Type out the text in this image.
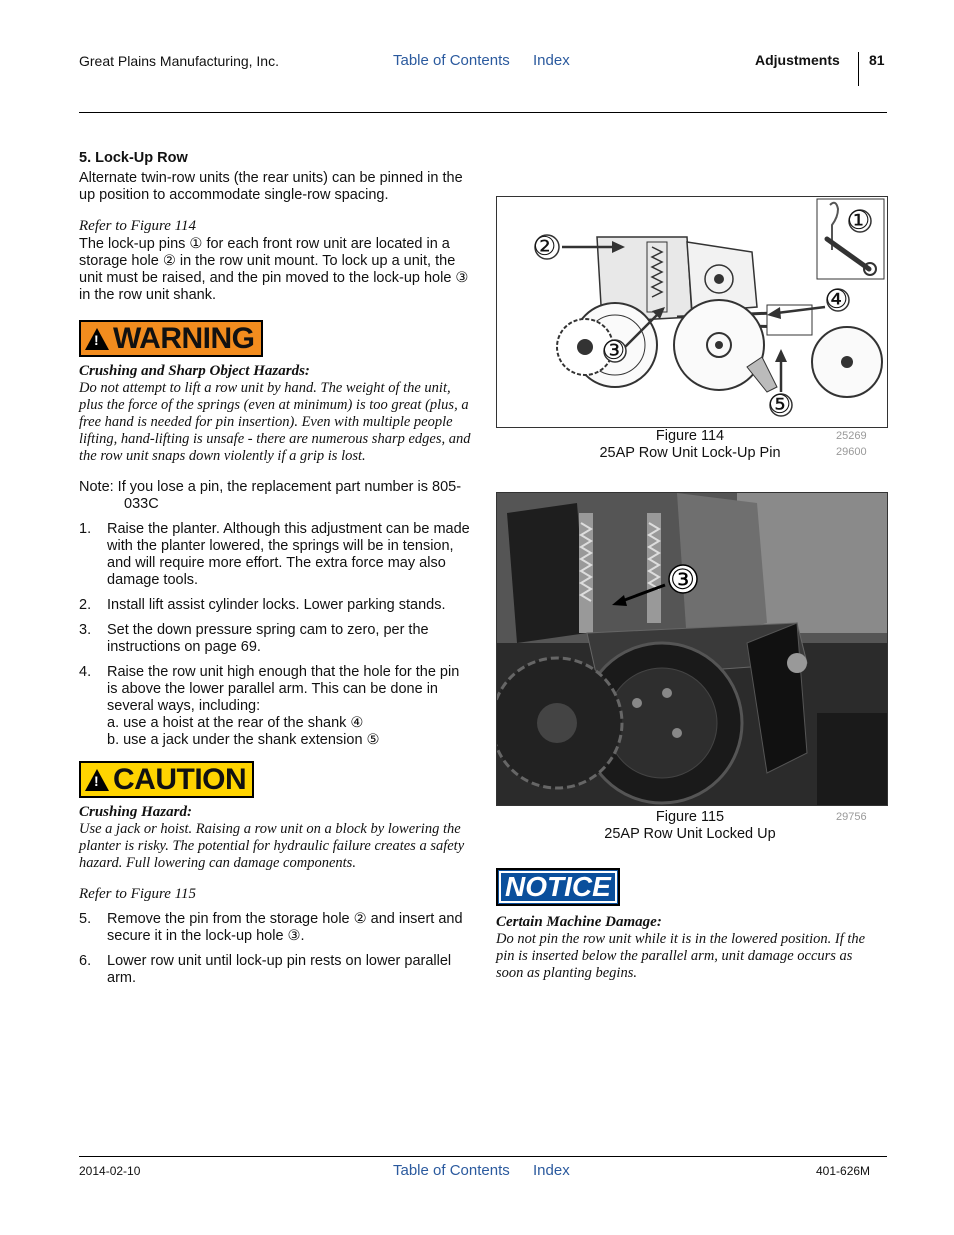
Great Plains Manufacturing, Inc.	Table of Contents Index	Adjustments 81

5. Lock-Up Row

Alternate twin-row units (the rear units) can be pinned in the up position to accommodate single-row spacing.

Refer to Figure 114

The lock-up pins ① for each front row unit are located in a storage hole ② in the row unit mount. To lock up a unit, the unit must be raised, and the pin moved to the lock-up hole ③ in the row unit shank.

! WARNING

Crushing and Sharp Object Hazards:

Do not attempt to lift a row unit by hand. The weight of the unit, plus the force of the springs (even at minimum) is too great (plus, a free hand is needed for pin insertion). Even with multiple people lifting, hand-lifting is unsafe - there are numerous sharp edges, and the row unit snaps down violently if a grip is lost.

Note: If you lose a pin, the replacement part number is 805-033C

1. Raise the planter. Although this adjustment can be made with the planter lowered, the springs will be in tension, and will require more effort. The extra force may also damage tools.
2. Install lift assist cylinder locks. Lower parking stands.
3. Set the down pressure spring cam to zero, per the instructions on page 69.
4. Raise the row unit high enough that the hole for the pin is above the lower parallel arm. This can be done in several ways, including:
a. use a hoist at the rear of the shank ④
b. use a jack under the shank extension ⑤
! CAUTION

Crushing Hazard:

Use a jack or hoist. Raising a row unit on a block by lowering the planter is risky. The potential for hydraulic failure creates a safety hazard. Full lowering can damage components.

Refer to Figure 115

5. Remove the pin from the storage hole ② and insert and secure it in the lock-up hole ③.
6. Lower row unit until lock-up pin rests on lower parallel arm.
①
②
③
④
⑤
Figure 114
25AP Row Unit Lock-Up Pin
25269
29600
③
Figure 115
25AP Row Unit Locked Up
29756
NOTICE

Certain Machine Damage:

Do not pin the row unit while it is in the lowered position. If the pin is inserted below the parallel arm, unit damage occurs as soon as planting begins.

2014-02-10	Table of Contents Index	401-626M
